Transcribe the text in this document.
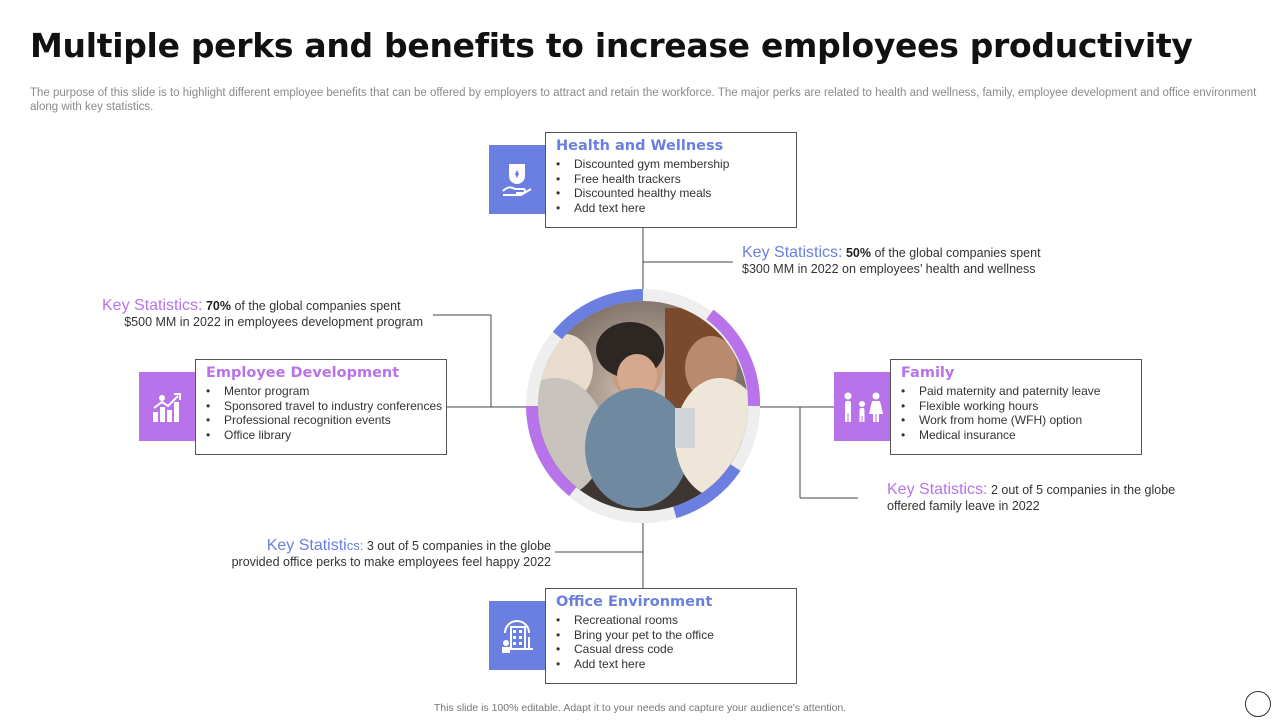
Multiple perks and benefits to increase employees productivity
The purpose of this slide is to highlight different employee benefits that can be offered by employers to attract and retain the workforce. The major perks are related to health and wellness, family, employee development and office environment along with key statistics.
Health and Wellness
• Discounted gym membership
• Free health trackers
• Discounted healthy meals
• Add text here
Employee Development
• Mentor program
• Sponsored travel to industry conferences
• Professional recognition events
• Office library
Family
• Paid maternity and paternity leave
• Flexible working hours
• Work from home (WFH) option
• Medical insurance
Office Environment
• Recreational rooms
• Bring your pet to the office
• Casual dress code
• Add text here
Key Statistics: 50% of the global companies spent
$300 MM in 2022 on employees’ health and wellness
Key Statistics: 70% of the global companies spent
$500 MM in 2022 in employees development program
Key Statistics: 2 out of 5 companies in the globe
offered family leave in 2022
Key Statistics: 3 out of 5 companies in the globe
provided office perks to make employees feel happy 2022
This slide is 100% editable. Adapt it to your needs and capture your audience's attention.
